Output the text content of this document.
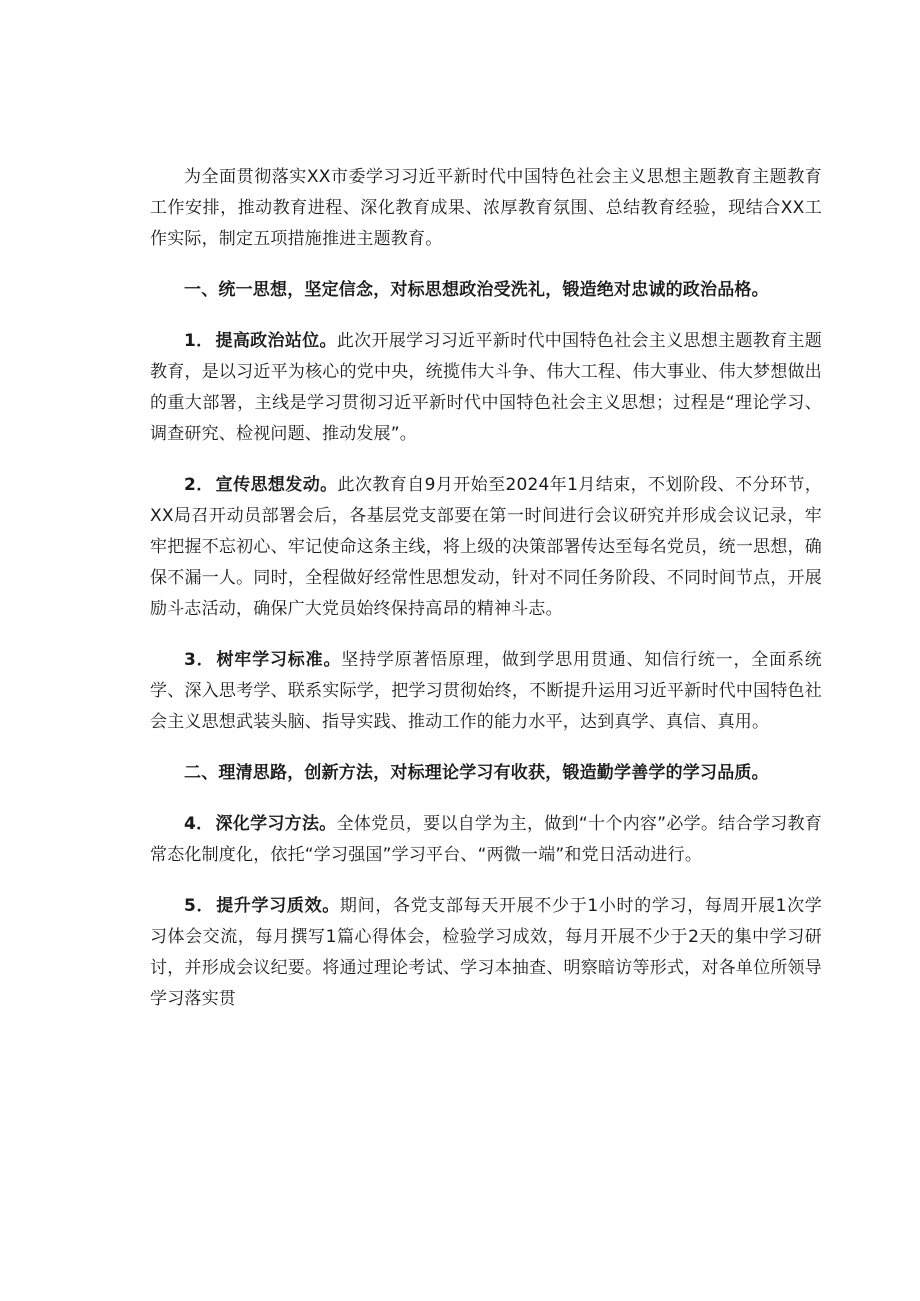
为全面贯彻落实XX市委学习习近平新时代中国特色社会主义思想主题教育主题教育工作安排，推动教育进程、深化教育成果、浓厚教育氛围、总结教育经验，现结合XX工作实际，制定五项措施推进主题教育。

一、统一思想，坚定信念，对标思想政治受洗礼，锻造绝对忠诚的政治品格。

1． 提高政治站位。此次开展学习习近平新时代中国特色社会主义思想主题教育主题教育，是以习近平为核心的党中央，统揽伟大斗争、伟大工程、伟大事业、伟大梦想做出的重大部署，主线是学习贯彻习近平新时代中国特色社会主义思想；过程是“理论学习、调查研究、检视问题、推动发展”。

2． 宣传思想发动。此次教育自9月开始至2024年1月结束，不划阶段、不分环节，XX局召开动员部署会后，各基层党支部要在第一时间进行会议研究并形成会议记录，牢牢把握不忘初心、牢记使命这条主线，将上级的决策部署传达至每名党员，统一思想，确保不漏一人。同时，全程做好经常性思想发动，针对不同任务阶段、不同时间节点，开展励斗志活动，确保广大党员始终保持高昂的精神斗志。

3． 树牢学习标准。坚持学原著悟原理，做到学思用贯通、知信行统一，全面系统学、深入思考学、联系实际学，把学习贯彻始终，不断提升运用习近平新时代中国特色社会主义思想武装头脑、指导实践、推动工作的能力水平，达到真学、真信、真用。

二、理清思路，创新方法，对标理论学习有收获，锻造勤学善学的学习品质。

4． 深化学习方法。全体党员，要以自学为主，做到“十个内容”必学。结合学习教育常态化制度化，依托“学习强国”学习平台、“两微一端”和党日活动进行。

5． 提升学习质效。期间，各党支部每天开展不少于1小时的学习，每周开展1次学习体会交流，每月撰写1篇心得体会，检验学习成效，每月开展不少于2天的集中学习研讨，并形成会议纪要。将通过理论考试、学习本抽查、明察暗访等形式，对各单位所领导学习落实贯
